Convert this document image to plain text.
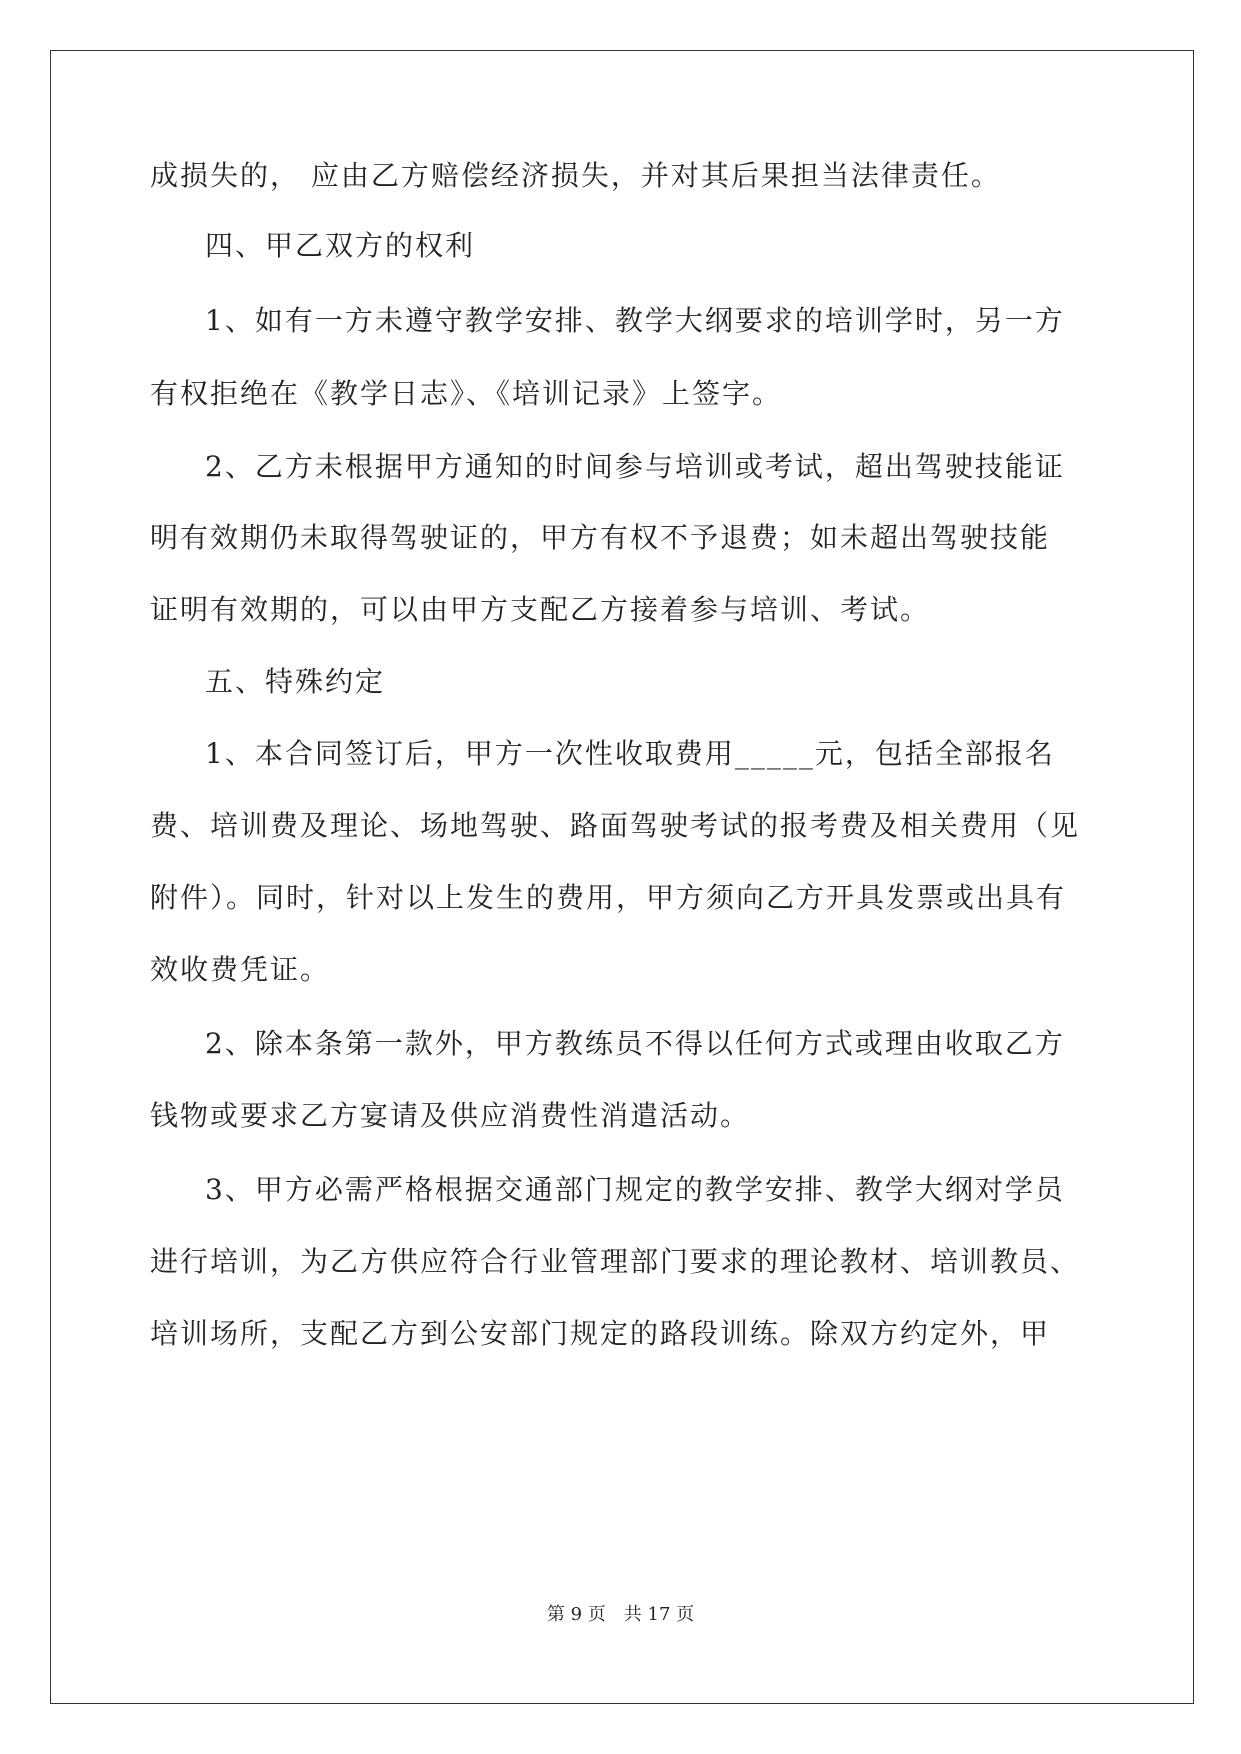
成损失的， 应由乙方赔偿经济损失，并对其后果担当法律责任。
四、甲乙双方的权利
1、如有一方未遵守教学安排、教学大纲要求的培训学时，另一方
有权拒绝在《教学日志》、《培训记录》上签字。
2、乙方未根据甲方通知的时间参与培训或考试，超出驾驶技能证
明有效期仍未取得驾驶证的，甲方有权不予退费；如未超出驾驶技能
证明有效期的，可以由甲方支配乙方接着参与培训、考试。
五、特殊约定
1、本合同签订后，甲方一次性收取费用_____元，包括全部报名
费、培训费及理论、场地驾驶、路面驾驶考试的报考费及相关费用（见
附件）。同时，针对以上发生的费用，甲方须向乙方开具发票或出具有
效收费凭证。
2、除本条第一款外，甲方教练员不得以任何方式或理由收取乙方
钱物或要求乙方宴请及供应消费性消遣活动。
3、甲方必需严格根据交通部门规定的教学安排、教学大纲对学员
进行培训，为乙方供应符合行业管理部门要求的理论教材、培训教员、
培训场所，支配乙方到公安部门规定的路段训练。除双方约定外，甲
第 9 页　共 17 页
